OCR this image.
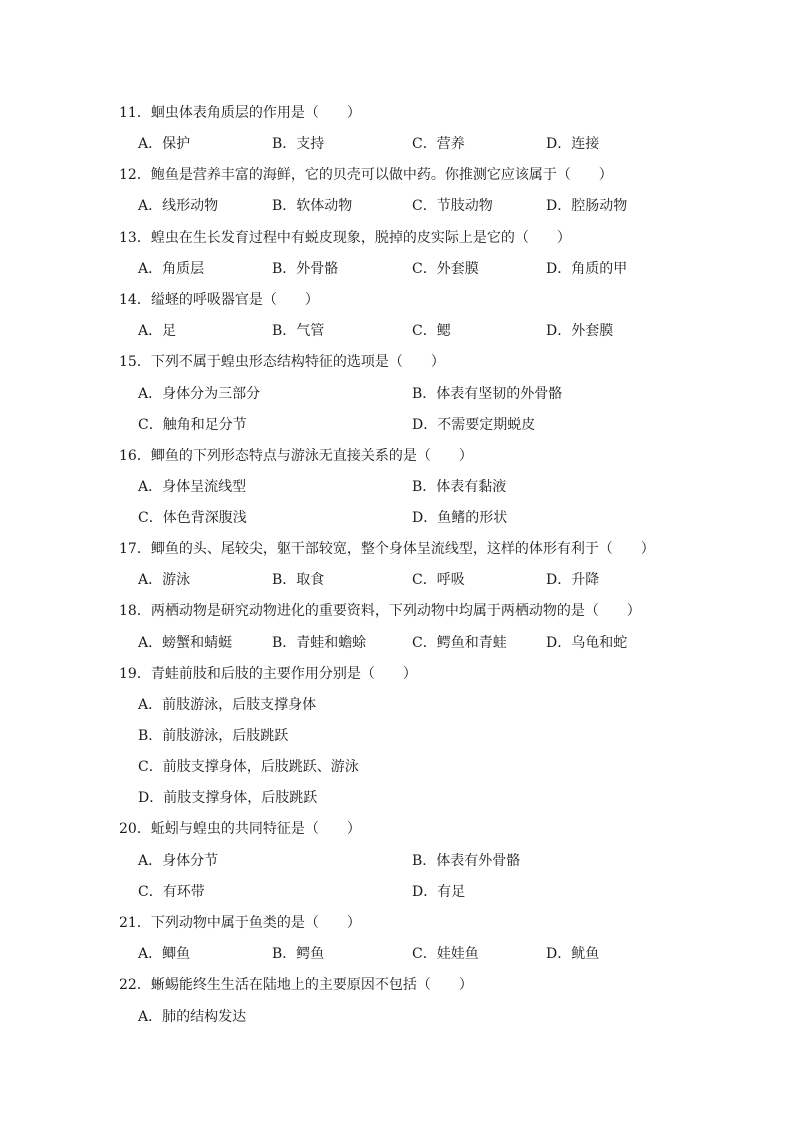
11．蛔虫体表角质层的作用是（　　）
A．保护	B．支持	C．营养	D．连接
12．鲍鱼是营养丰富的海鲜，它的贝壳可以做中药。你推测它应该属于（　　）
A．线形动物	B．软体动物	C．节肢动物	D．腔肠动物
13．蝗虫在生长发育过程中有蜕皮现象，脱掉的皮实际上是它的（　　）
A．角质层	B．外骨骼	C．外套膜	D．角质的甲
14．缢蛏的呼吸器官是（　　）
A．足	B．气管	C．鳃	D．外套膜
15．下列不属于蝗虫形态结构特征的选项是（　　）
A．身体分为三部分	B．体表有坚韧的外骨骼
C．触角和足分节	D．不需要定期蜕皮
16．鲫鱼的下列形态特点与游泳无直接关系的是（　　）
A．身体呈流线型	B．体表有黏液
C．体色背深腹浅	D．鱼鳍的形状
17．鲫鱼的头、尾较尖，躯干部较宽，整个身体呈流线型，这样的体形有利于（　　）
A．游泳	B．取食	C．呼吸	D．升降
18．两栖动物是研究动物进化的重要资料，下列动物中均属于两栖动物的是（　　）
A．螃蟹和蜻蜓	B．青蛙和蟾蜍	C．鳄鱼和青蛙	D．乌龟和蛇
19．青蛙前肢和后肢的主要作用分别是（　　）
A．前肢游泳，后肢支撑身体
B．前肢游泳，后肢跳跃
C．前肢支撑身体，后肢跳跃、游泳
D．前肢支撑身体，后肢跳跃
20．蚯蚓与蝗虫的共同特征是（　　）
A．身体分节	B．体表有外骨骼
C．有环带	D．有足
21．下列动物中属于鱼类的是（　　）
A．鲫鱼	B．鳄鱼	C．娃娃鱼	D．鱿鱼
22．蜥蜴能终生生活在陆地上的主要原因不包括（　　）
A．肺的结构发达
